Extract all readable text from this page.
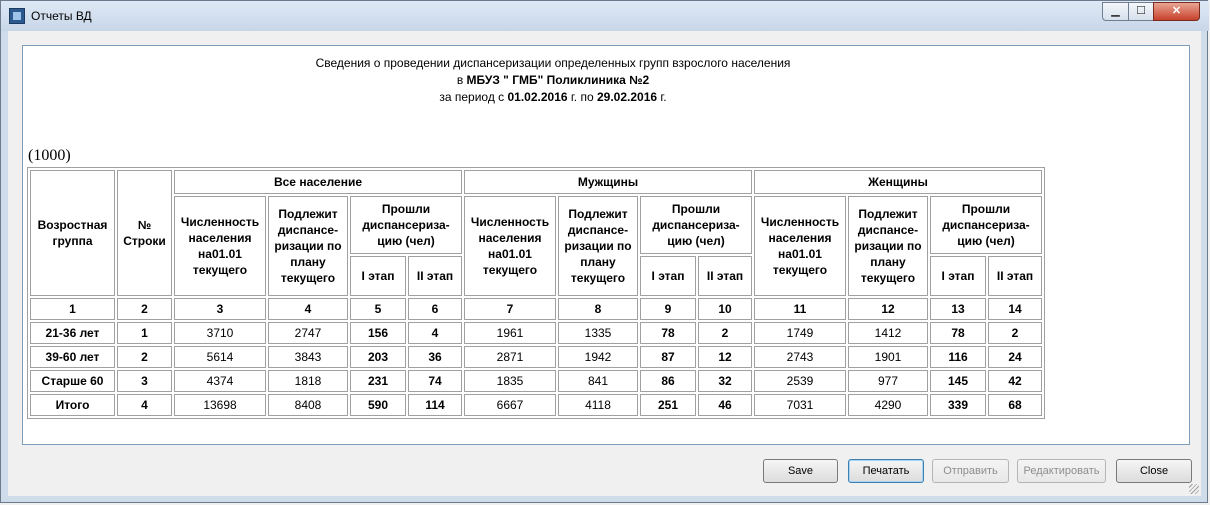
Отчеты ВД	▁	☐	✕
Сведения о проведении диспансеризации определенных групп взрослого населения
в МБУЗ " ГМБ" Поликлиника №2
за период с 01.02.2016 г. по 29.02.2016 г.
(1000)
Возростная группа	№ Строки	Все население				Мужщины				Женщины			
		Численность населения на01.01 текущего	Подлежит диспансе-ризации по плану текущего	Прошли диспансериза-цию (чел)		Численность населения на01.01 текущего	Подлежит диспансе-ризации по плану текущего	Прошли диспансериза-цию (чел)		Численность населения на01.01 текущего	Подлежит диспансе-ризации по плану текущего	Прошли диспансериза-цию (чел)	
				I этап	II этап			I этап	II этап			I этап	II этап
1	2	3	4	5	6	7	8	9	10	11	12	13	14
21-36 лет	1	3710	2747	156	4	1961	1335	78	2	1749	1412	78	2
39-60 лет	2	5614	3843	203	36	2871	1942	87	12	2743	1901	116	24
Старше 60	3	4374	1818	231	74	1835	841	86	32	2539	977	145	42
Итого	4	13698	8408	590	114	6667	4118	251	46	7031	4290	339	68
Save	Печатать	Отправить	Редактировать	Close
